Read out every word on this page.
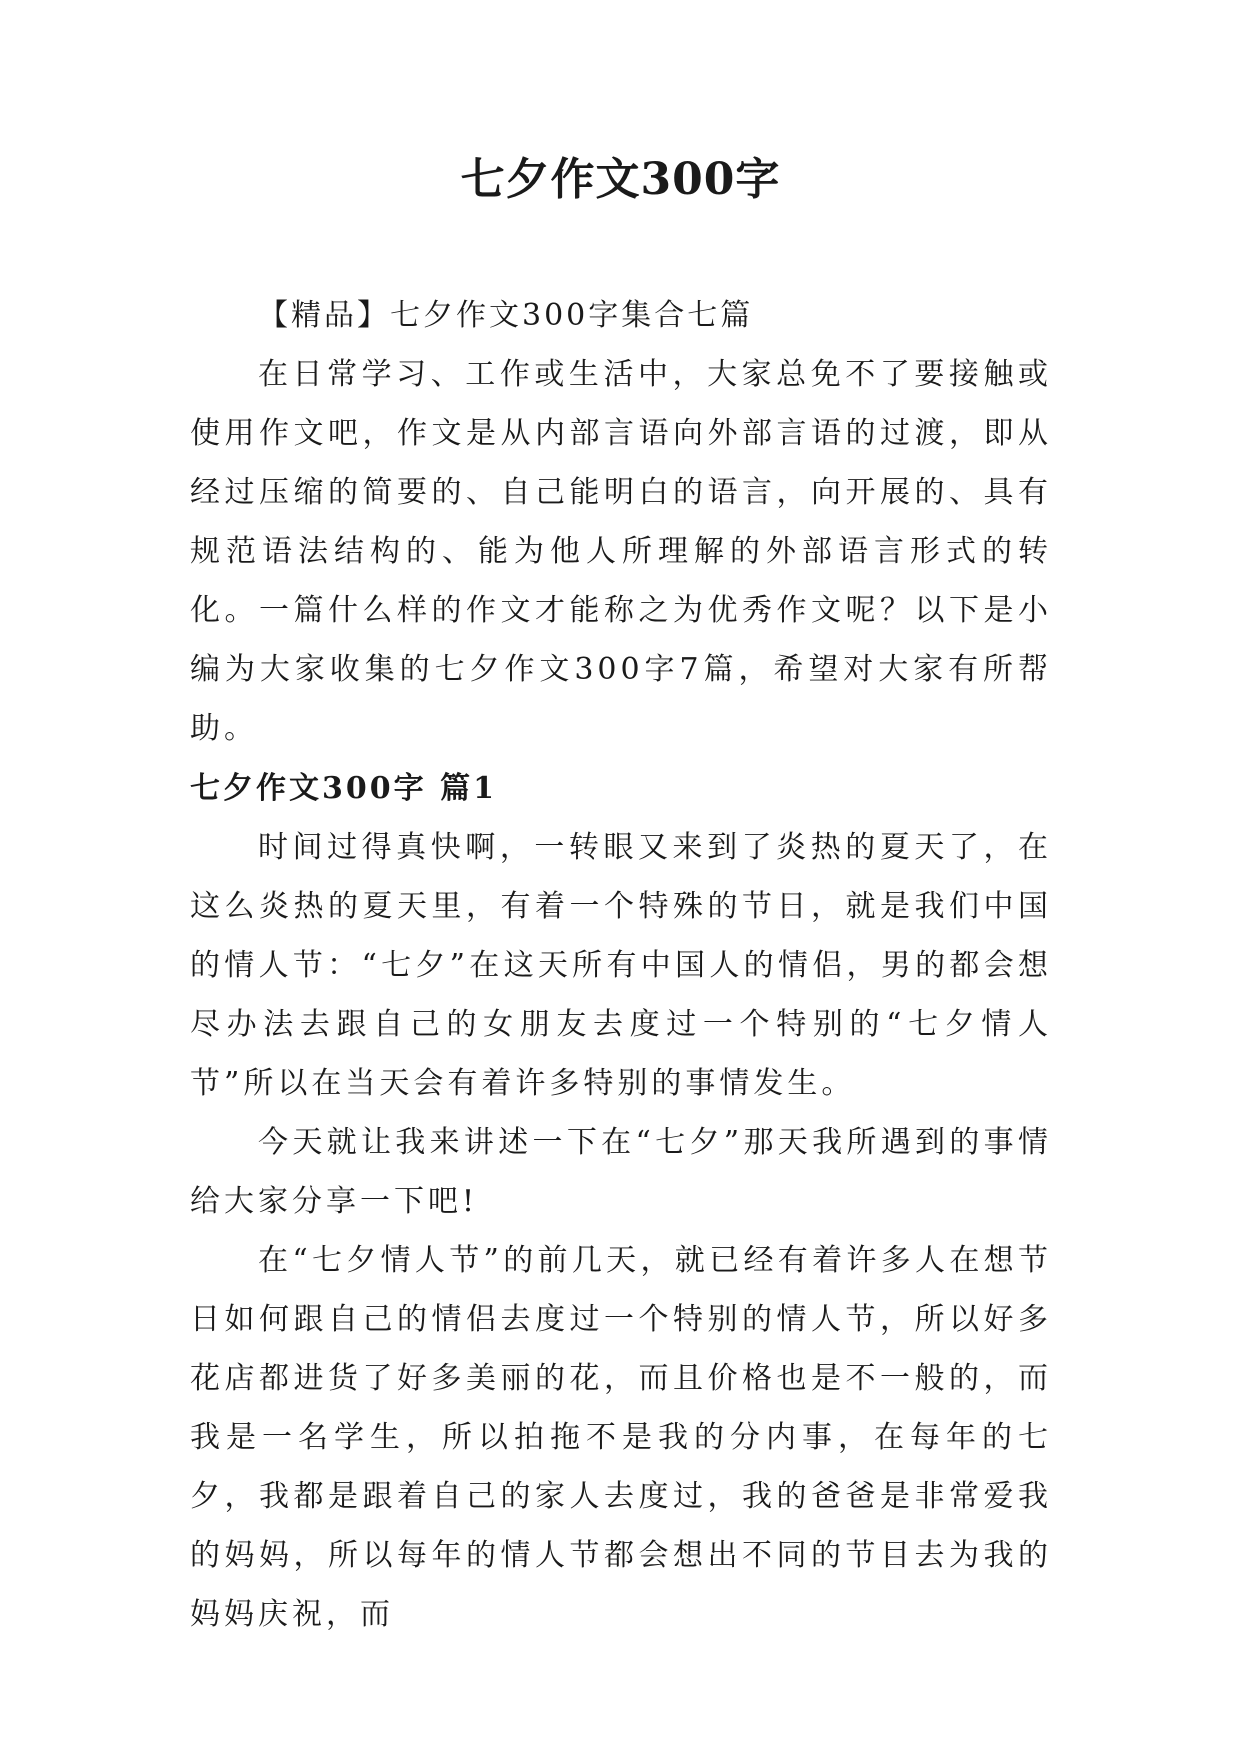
七夕作文300字

【精品】七夕作文300字集合七篇

在日常学习、工作或生活中，大家总免不了要接触或使用作文吧，作文是从内部言语向外部言语的过渡，即从经过压缩的简要的、自己能明白的语言，向开展的、具有规范语法结构的、能为他人所理解的外部语言形式的转化。一篇什么样的作文才能称之为优秀作文呢？以下是小编为大家收集的七夕作文300字7篇，希望对大家有所帮助。

七夕作文300字 篇1

时间过得真快啊，一转眼又来到了炎热的夏天了，在这么炎热的夏天里，有着一个特殊的节日，就是我们中国的情人节：“七夕”在这天所有中国人的情侣，男的都会想尽办法去跟自己的女朋友去度过一个特别的“七夕情人节”所以在当天会有着许多特别的事情发生。

今天就让我来讲述一下在“七夕”那天我所遇到的事情给大家分享一下吧!

在“七夕情人节”的前几天，就已经有着许多人在想节日如何跟自己的情侣去度过一个特别的情人节，所以好多花店都进货了好多美丽的花，而且价格也是不一般的，而我是一名学生，所以拍拖不是我的分内事，在每年的七夕，我都是跟着自己的家人去度过，我的爸爸是非常爱我的妈妈，所以每年的情人节都会想出不同的节目去为我的妈妈庆祝，而
